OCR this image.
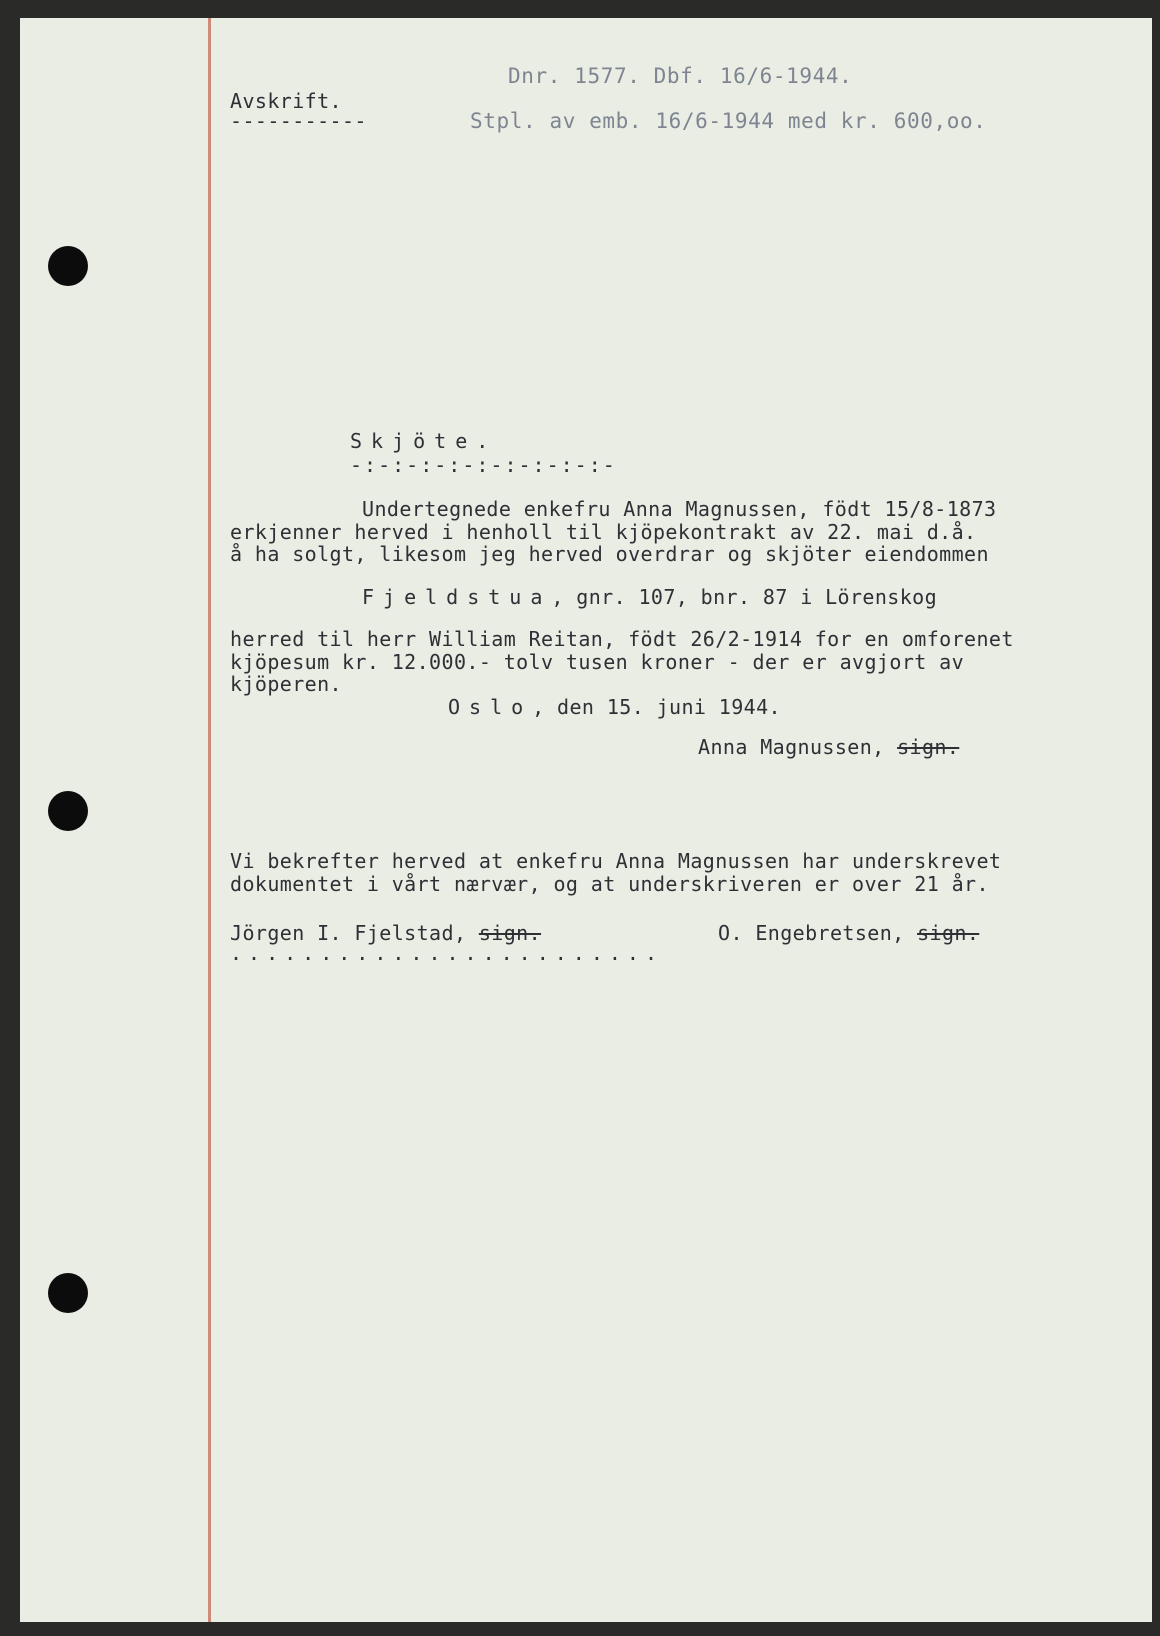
Avskrift.
-----------
Dnr. 1577. Dbf. 16/6-1944.
Stpl. av emb. 16/6-1944 med kr. 600,oo.
Skjöte.
-:-:-:-:-:-:-:-:-:-
Undertegnede enkefru Anna Magnussen, födt 15/8-1873
erkjenner herved i henholl til kjöpekontrakt av 22. mai d.å.
å ha solgt, likesom jeg herved overdrar og skjöter eiendommen
Fjeldstua, gnr. 107, bnr. 87 i Lörenskog
herred til herr William Reitan, födt 26/2-1914 for en omforenet
kjöpesum kr. 12.000.- tolv tusen kroner - der er avgjort av
kjöperen.
Oslo, den 15. juni 1944.
Anna Magnussen, sign.
Vi bekrefter herved at enkefru Anna Magnussen har underskrevet
dokumentet i vårt nærvær, og at underskriveren er over 21 år.
Jörgen I. Fjelstad, sign.
........................
O. Engebretsen, sign.
